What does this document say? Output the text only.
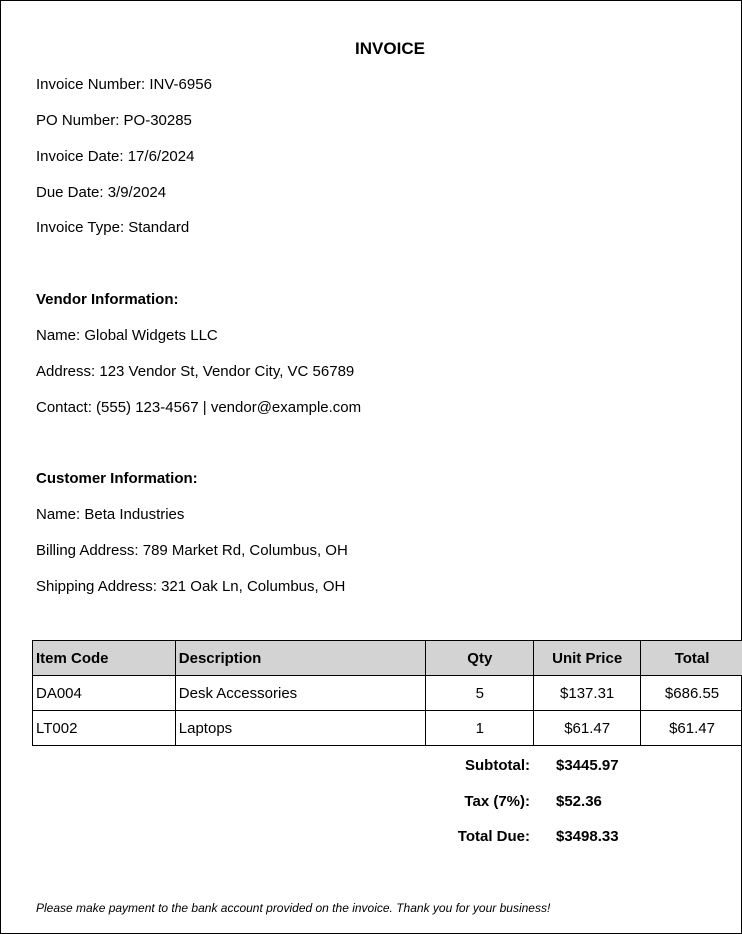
INVOICE
Invoice Number: INV-6956
PO Number: PO-30285
Invoice Date: 17/6/2024
Due Date: 3/9/2024
Invoice Type: Standard
Vendor Information:
Name: Global Widgets LLC
Address: 123 Vendor St, Vendor City, VC 56789
Contact: (555) 123-4567 | vendor@example.com
Customer Information:
Name: Beta Industries
Billing Address: 789 Market Rd, Columbus, OH
Shipping Address: 321 Oak Ln, Columbus, OH
Item Code	Description	Qty	Unit Price	Total
DA004	Desk Accessories	5	$137.31	$686.55
LT002	Laptops	1	$61.47	$61.47
Subtotal: $3445.97
Tax (7%): $52.36
Total Due: $3498.33
Please make payment to the bank account provided on the invoice. Thank you for your business!
